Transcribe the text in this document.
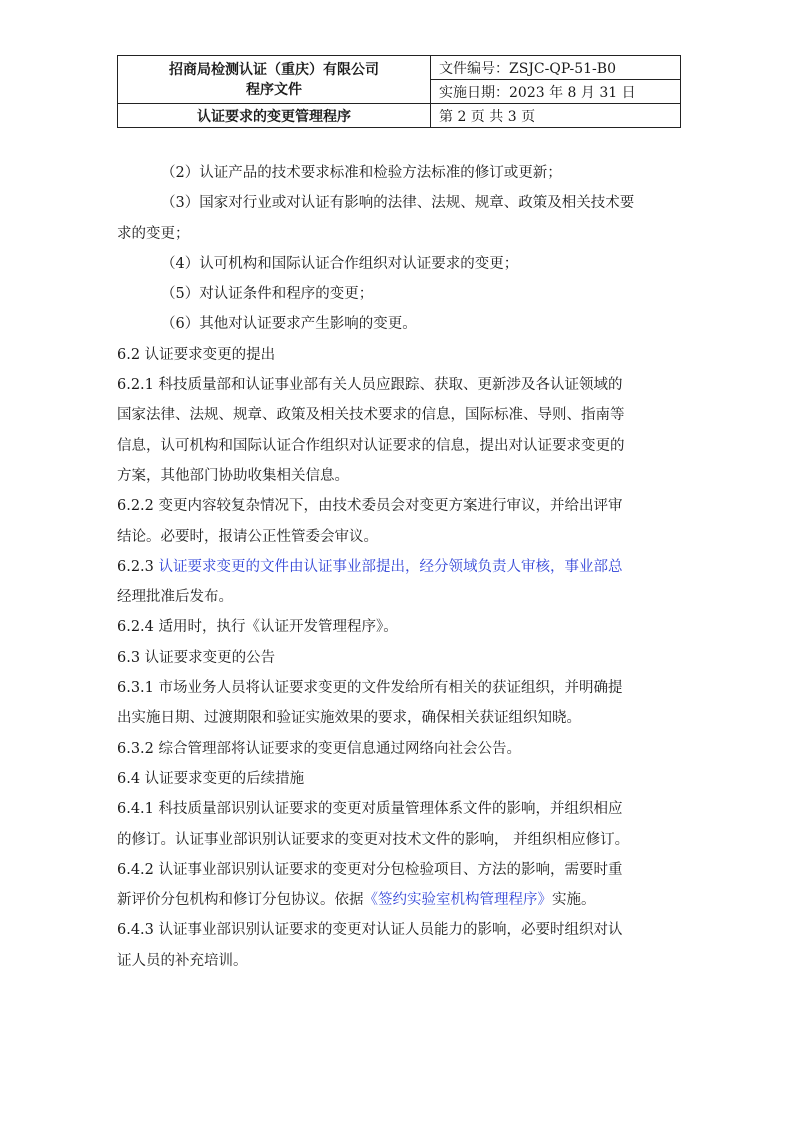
招商局检测认证（重庆）有限公司
程序文件	文件编号：ZSJC-QP-51-B0
	实施日期：2023 年 8 月 31 日
认证要求的变更管理程序	第 2 页 共 3 页

（2）认证产品的技术要求标准和检验方法标准的修订或更新；

（3）国家对行业或对认证有影响的法律、法规、规章、政策及相关技术要

求的变更；

（4）认可机构和国际认证合作组织对认证要求的变更；

（5）对认证条件和程序的变更；

（6）其他对认证要求产生影响的变更。

6.2 认证要求变更的提出

6.2.1 科技质量部和认证事业部有关人员应跟踪、获取、更新涉及各认证领域的

国家法律、法规、规章、政策及相关技术要求的信息，国际标准、导则、指南等

信息，认可机构和国际认证合作组织对认证要求的信息，提出对认证要求变更的

方案，其他部门协助收集相关信息。

6.2.2 变更内容较复杂情况下，由技术委员会对变更方案进行审议，并给出评审

结论。必要时，报请公正性管委会审议。

6.2.3 认证要求变更的文件由认证事业部提出，经分领域负责人审核，事业部总

经理批准后发布。

6.2.4 适用时，执行《认证开发管理程序》。

6.3 认证要求变更的公告

6.3.1 市场业务人员将认证要求变更的文件发给所有相关的获证组织，并明确提

出实施日期、过渡期限和验证实施效果的要求，确保相关获证组织知晓。

6.3.2 综合管理部将认证要求的变更信息通过网络向社会公告。

6.4 认证要求变更的后续措施

6.4.1 科技质量部识别认证要求的变更对质量管理体系文件的影响，并组织相应

的修订。认证事业部识别认证要求的变更对技术文件的影响， 并组织相应修订。

6.4.2 认证事业部识别认证要求的变更对分包检验项目、方法的影响，需要时重

新评价分包机构和修订分包协议。依据《签约实验室机构管理程序》实施。

6.4.3 认证事业部识别认证要求的变更对认证人员能力的影响，必要时组织对认

证人员的补充培训。
